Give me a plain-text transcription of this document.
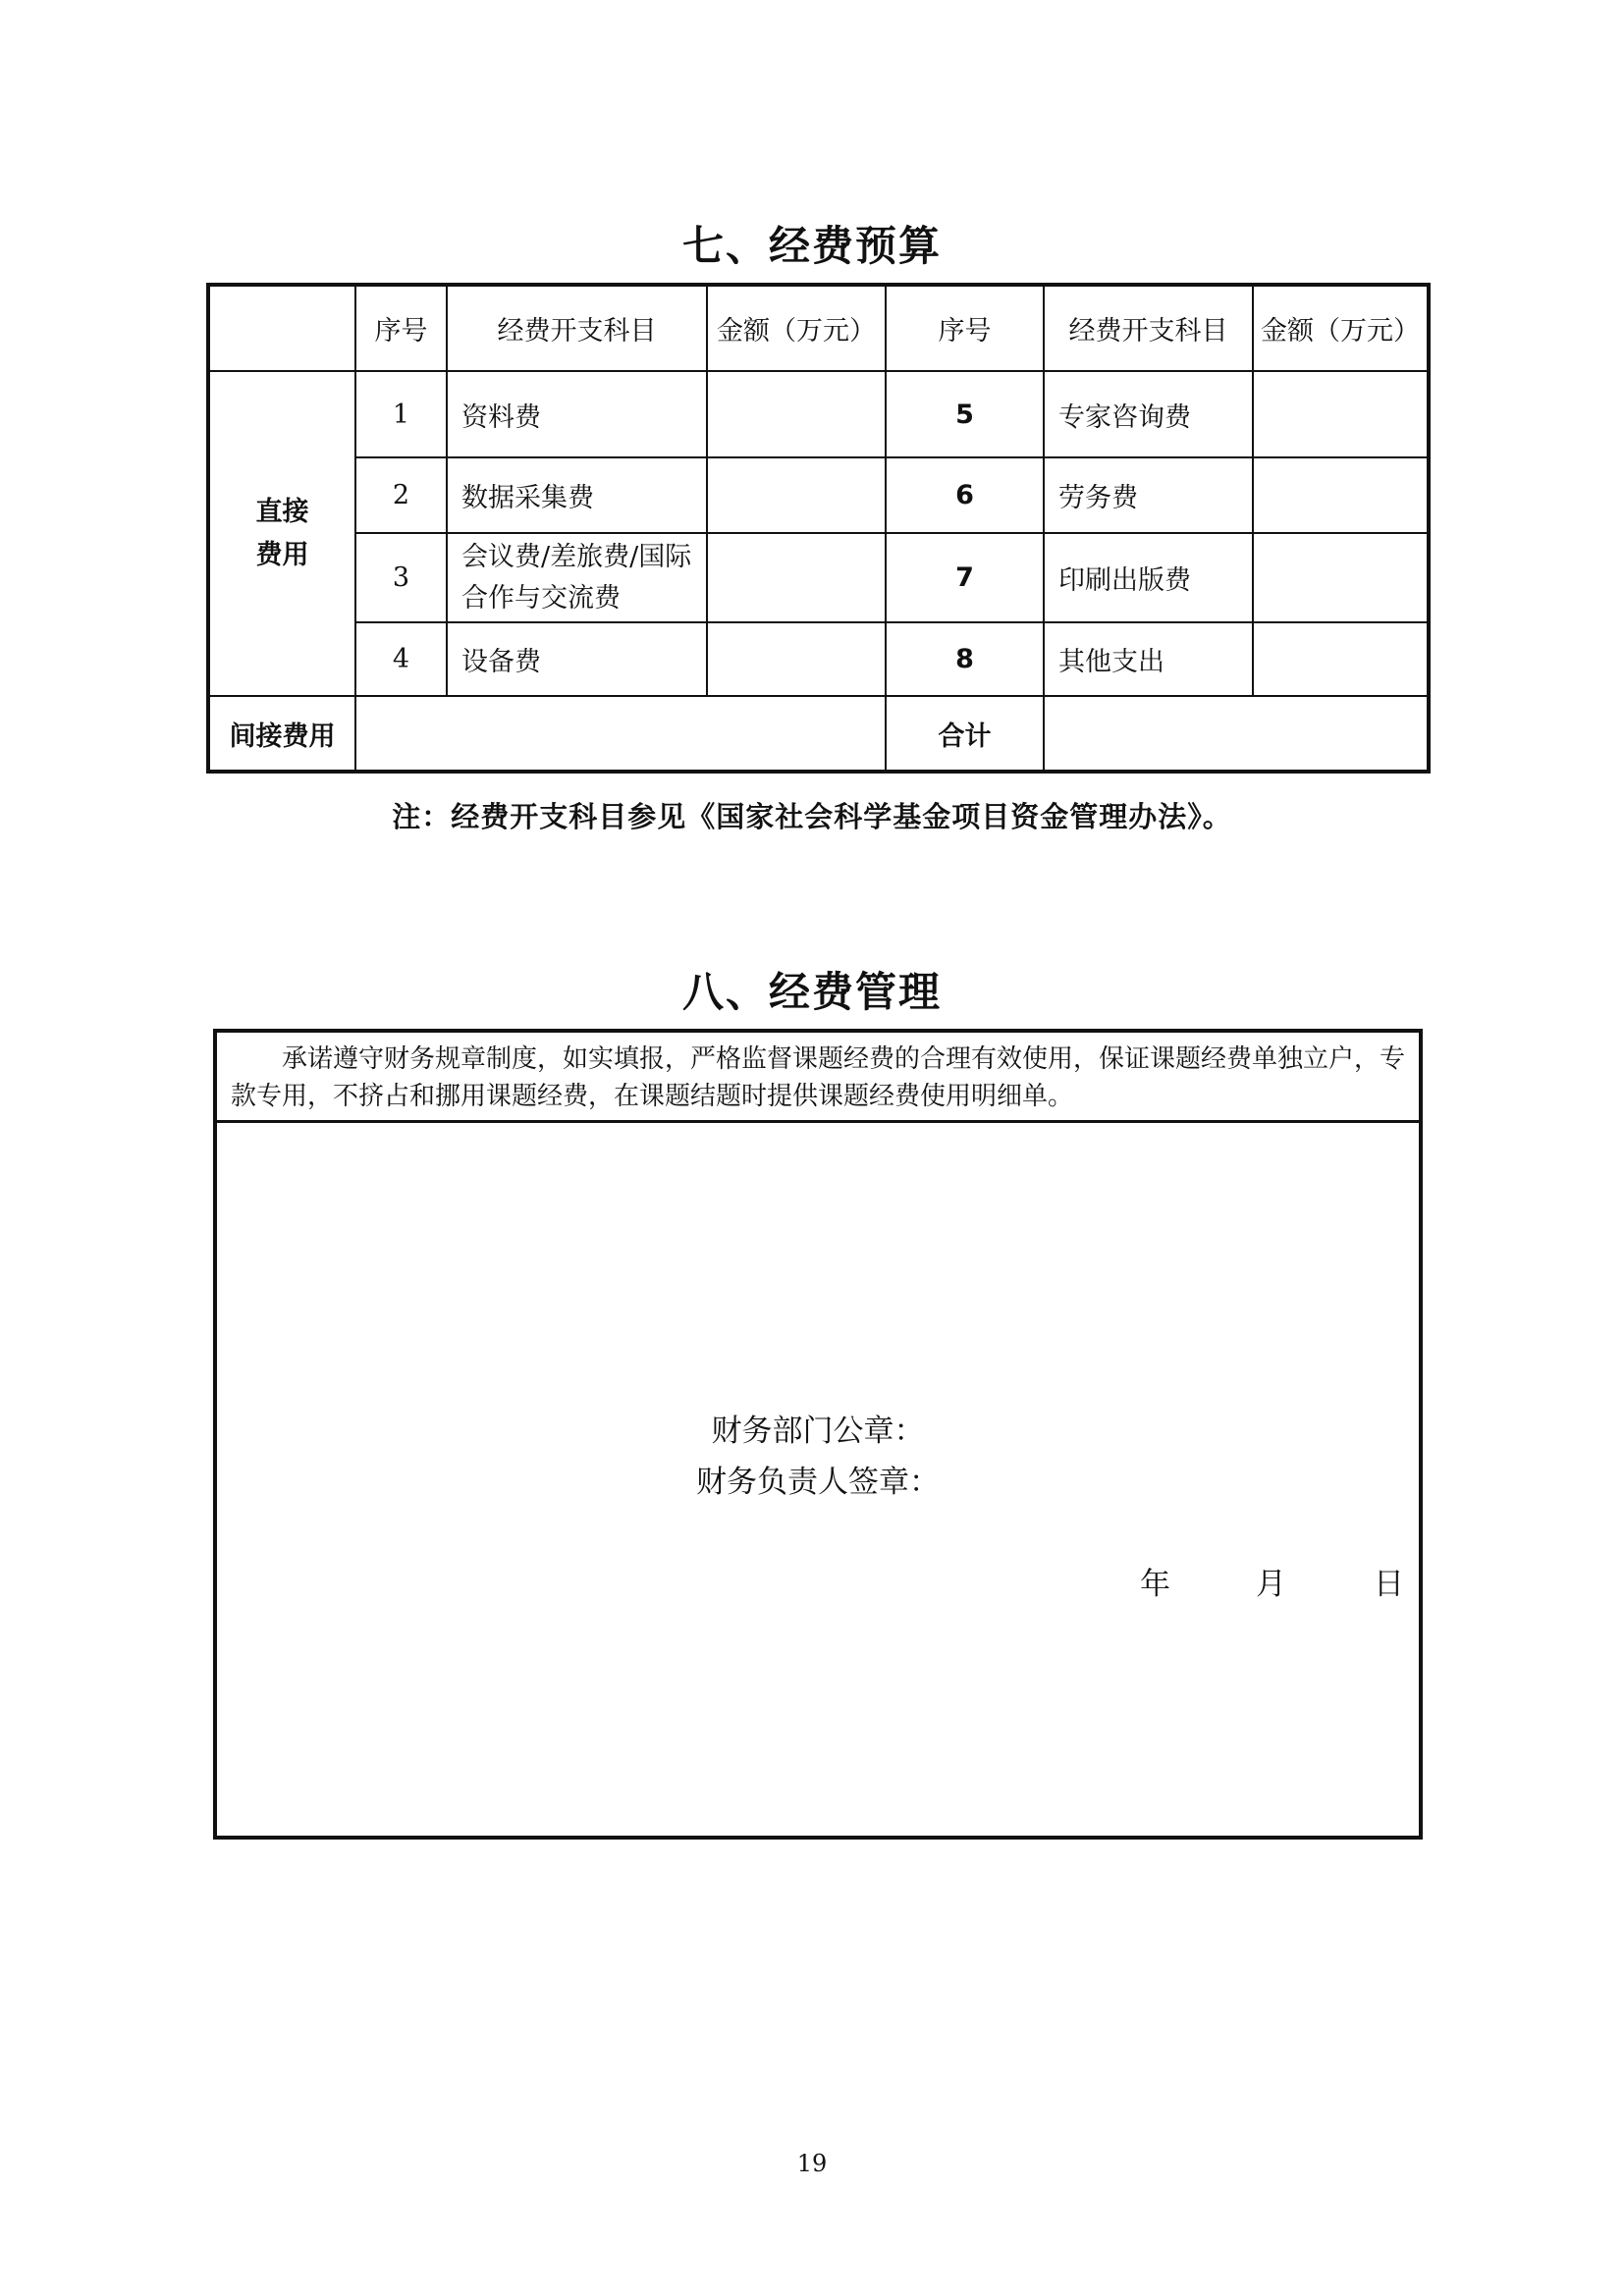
七、经费预算
	序号	经费开支科目	金额（万元）	序号	经费开支科目	金额（万元）
直接
费用	1	资料费		5	专家咨询费	
	2	数据采集费		6	劳务费	
	3	会议费/差旅费/国际合作与交流费		7	印刷出版费	
	4	设备费		8	其他支出	
间接费用				合计		
注：经费开支科目参见《国家社会科学基金项目资金管理办法》。
八、经费管理

承诺遵守财务规章制度，如实填报，严格监督课题经费的合理有效使用，保证课题经费单独立户，专款专用，不挤占和挪用课题经费，在课题结题时提供课题经费使用明细单。

财务部门公章：
财务负责人签章：
年	月	日
19
